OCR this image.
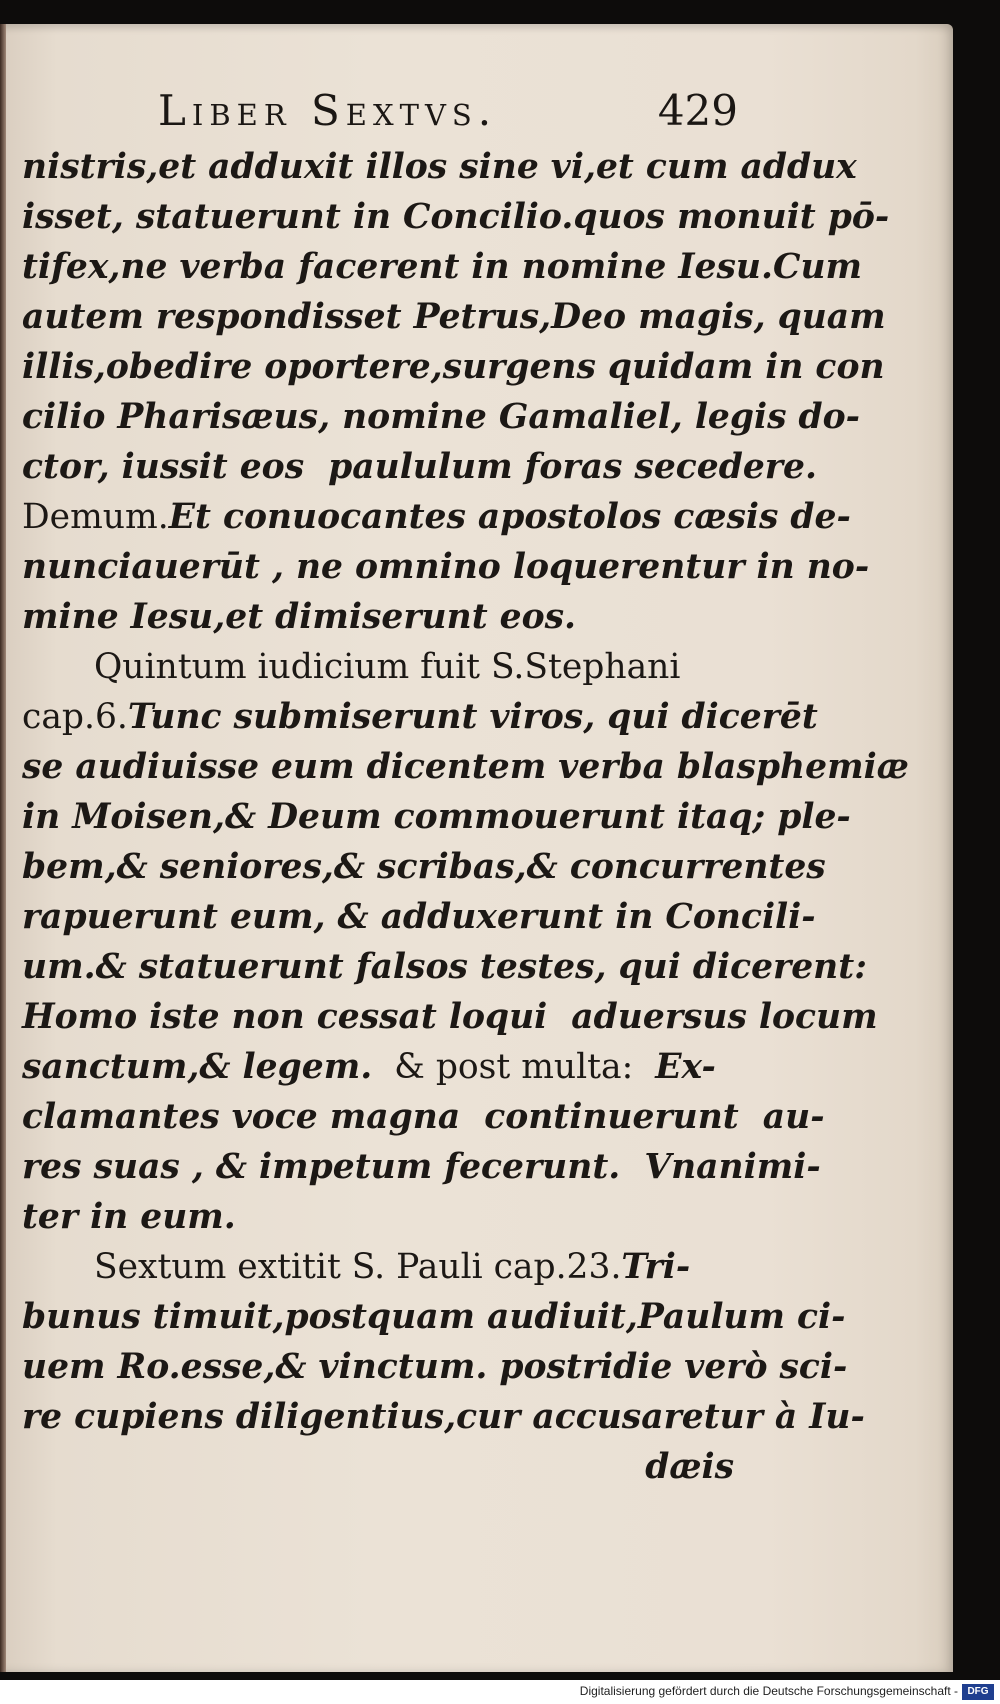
Liber Sextvs.	429
nistris,et adduxit illos sine vi,et cum addux
isset, statuerunt in Concilio.quos monuit pō-
tifex,ne verba facerent in nomine Iesu.Cum
autem respondisset Petrus,Deo magis, quam
illis,obedire oportere,surgens quidam in con
cilio Pharisæus, nomine Gamaliel, legis do-
ctor, iussit eos  paululum foras secedere.
Demum.Et conuocantes apostolos cæsis de-
nunciauerūt , ne omnino loquerentur in no-
mine Iesu,et dimiserunt eos.
Quintum iudicium fuit S.Stephani
cap.6.Tunc submiserunt viros, qui dicerēt
se audiuisse eum dicentem verba blasphemiæ
in Moisen,& Deum commouerunt itaq; ple-
bem,& seniores,& scribas,& concurrentes
rapuerunt eum, & adduxerunt in Concili-
um.& statuerunt falsos testes, qui dicerent:
Homo iste non cessat loqui  aduersus locum
sanctum,& legem.  & post multa:  Ex-
clamantes voce magna  continuerunt  au-
res suas , & impetum fecerunt.  Vnanimi-
ter in eum.
Sextum extitit S. Pauli cap.23.Tri-
bunus timuit,postquam audiuit,Paulum ci-
uem Ro.esse,& vinctum. postridie verò sci-
re cupiens diligentius,cur accusaretur à Iu-
dæis
Digitalisierung gefördert durch die Deutsche Forschungsgemeinschaft - DFG
